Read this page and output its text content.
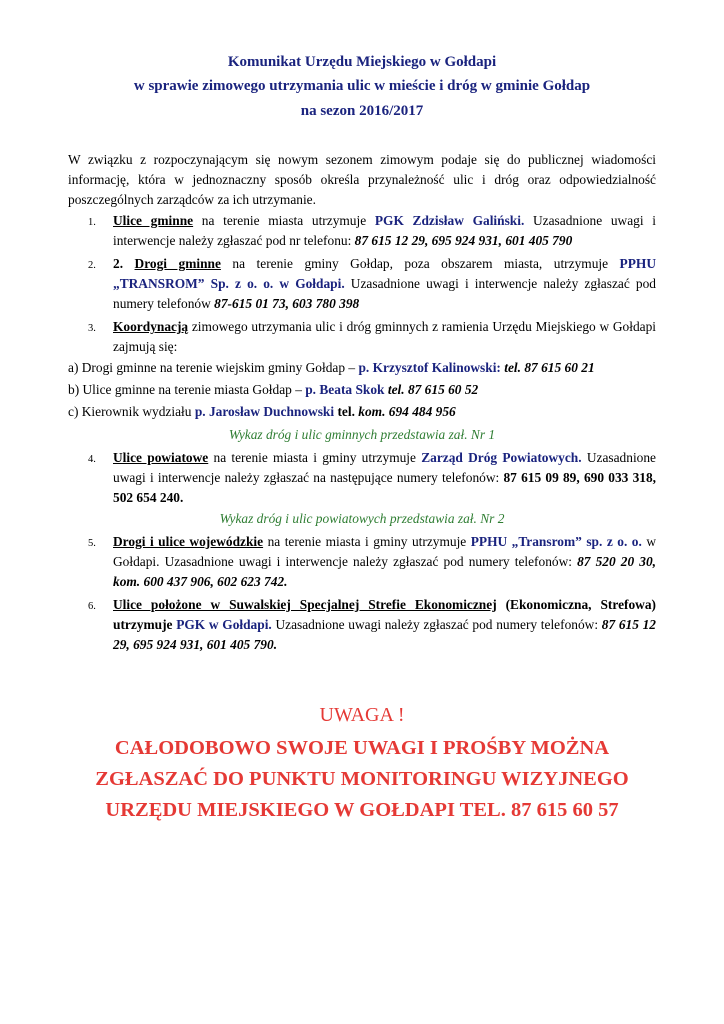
Komunikat Urzędu Miejskiego w Gołdapi
w sprawie zimowego utrzymania ulic w mieście i dróg w gminie Gołdap
na sezon 2016/2017
W związku z rozpoczynającym się nowym sezonem zimowym podaje się do publicznej wiadomości informację, która w jednoznaczny sposób określa przynależność ulic i dróg oraz odpowiedzialność poszczególnych zarządców za ich utrzymanie.
1. Ulice gminne na terenie miasta utrzymuje PGK Zdzisław Galiński. Uzasadnione uwagi i interwencje należy zgłaszać pod nr telefonu: 87 615 12 29, 695 924 931, 601 405 790
2. 2. Drogi gminne na terenie gminy Gołdap, poza obszarem miasta, utrzymuje PPHU „TRANSROM” Sp. z o. o. w Gołdapi. Uzasadnione uwagi i interwencje należy zgłaszać pod numery telefonów 87-615 01 73, 603 780 398
3. Koordynacją zimowego utrzymania ulic i dróg gminnych z ramienia Urzędu Miejskiego w Gołdapi zajmują się:
a) Drogi gminne na terenie wiejskim gminy Gołdap – p. Krzysztof Kalinowski: tel. 87 615 60 21
b) Ulice gminne na terenie miasta Gołdap – p. Beata Skok tel. 87 615 60 52
c) Kierownik wydziału p. Jarosław Duchnowski tel. kom. 694 484 956
Wykaz dróg i ulic gminnych przedstawia zał. Nr 1
4. Ulice powiatowe na terenie miasta i gminy utrzymuje Zarząd Dróg Powiatowych. Uzasadnione uwagi i interwencje należy zgłaszać na następujące numery telefonów: 87 615 09 89, 690 033 318, 502 654 240.
Wykaz dróg i ulic powiatowych przedstawia zał. Nr 2
5. Drogi i ulice wojewódzkie na terenie miasta i gminy utrzymuje PPHU „Transrom” sp. z o. o. w Gołdapi. Uzasadnione uwagi i interwencje należy zgłaszać pod numery telefonów: 87 520 20 30, kom. 600 437 906, 602 623 742.
6. Ulice położone w Suwalskiej Specjalnej Strefie Ekonomicznej (Ekonomiczna, Strefowa) utrzymuje PGK w Gołdapi. Uzasadnione uwagi należy zgłaszać pod numery telefonów: 87 615 12 29, 695 924 931, 601 405 790.
UWAGA !
CAŁODOBOWO SWOJE UWAGI I PROŚBY MOŻNA
ZGŁASZAĆ DO PUNKTU MONITORINGU WIZYJNEGO
URZĘDU MIEJSKIEGO W GOŁDAPI TEL. 87 615 60 57
